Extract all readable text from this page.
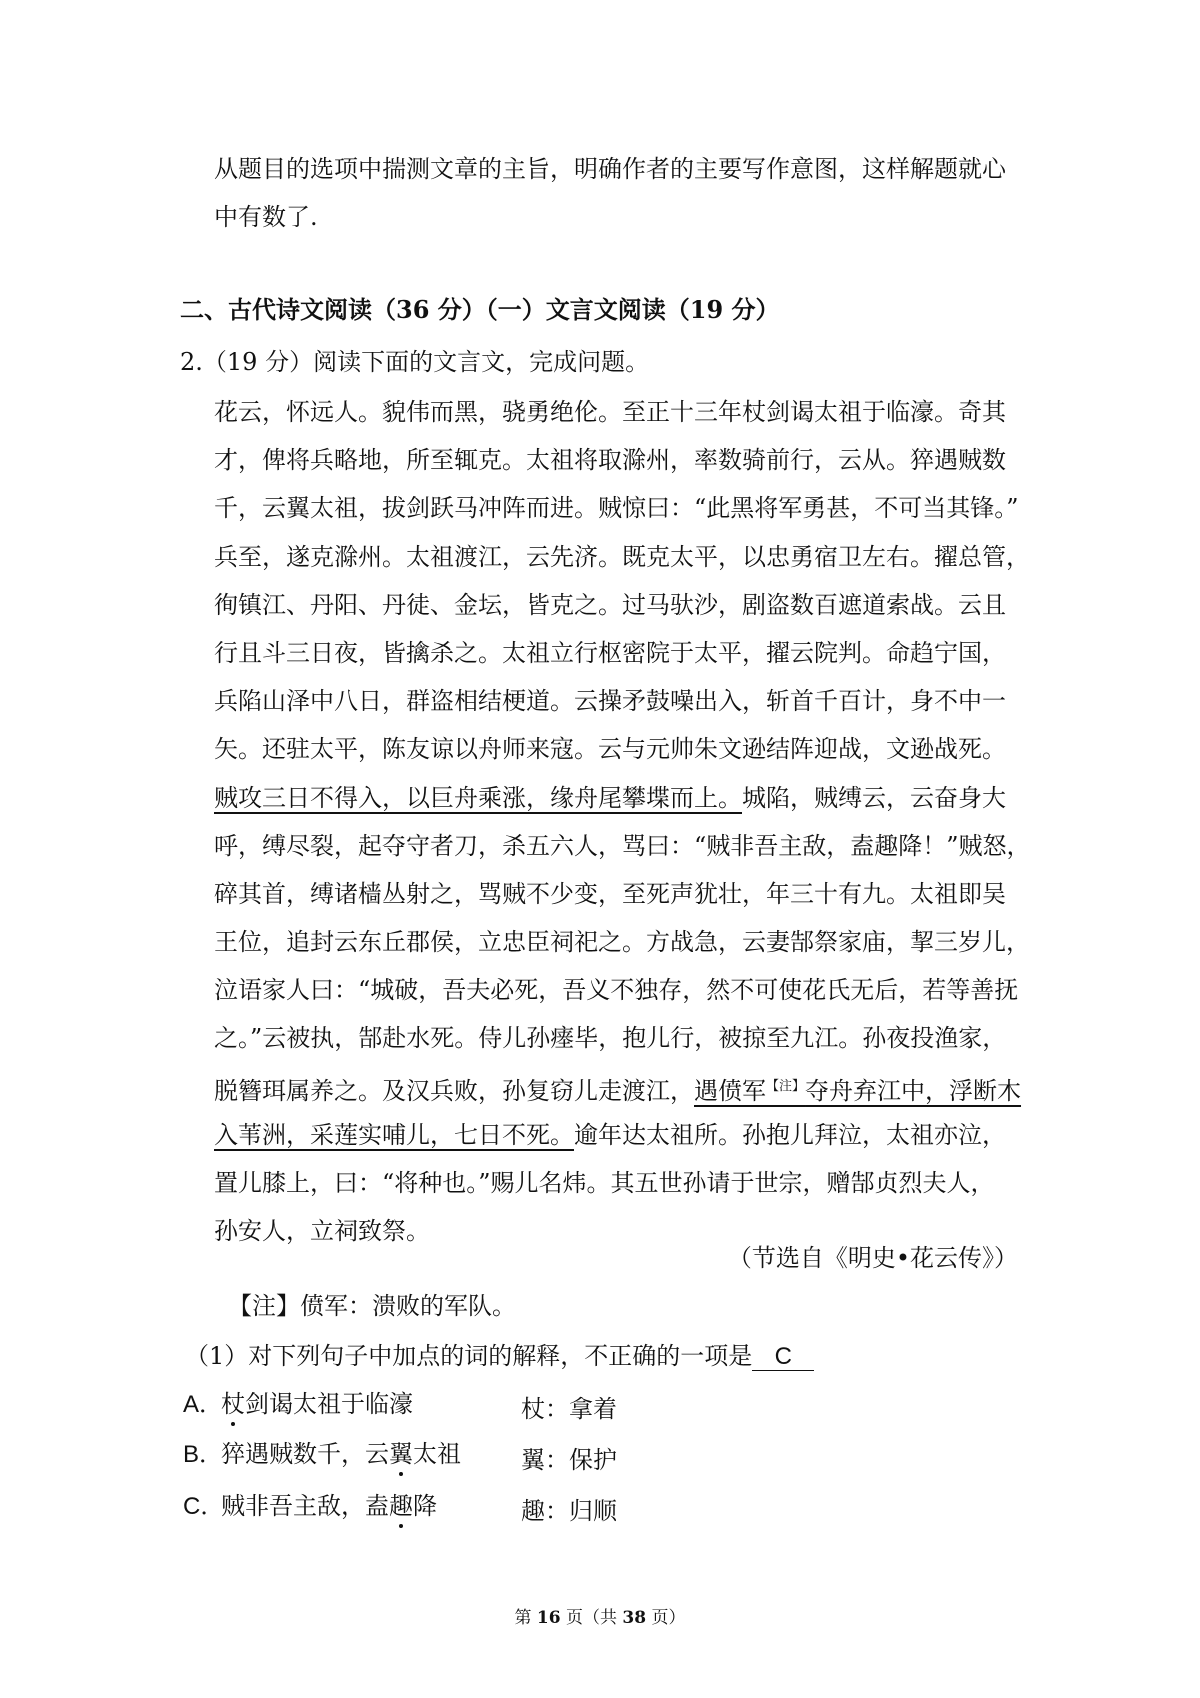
从题目的选项中揣测文章的主旨，明确作者的主要写作意图，这样解题就心
中有数了.
二、古代诗文阅读（36 分）（一）文言文阅读（19 分）
2.（19 分）阅读下面的文言文，完成问题。
花云，怀远人。貌伟而黑，骁勇绝伦。至正十三年杖剑谒太祖于临濠。奇其
才，俾将兵略地，所至辄克。太祖将取滁州，率数骑前行，云从。猝遇贼数
千，云翼太祖，拔剑跃马冲阵而进。贼惊曰：“此黑将军勇甚，不可当其锋。”
兵至，遂克滁州。太祖渡江，云先济。既克太平，以忠勇宿卫左右。擢总管，
徇镇江、丹阳、丹徒、金坛，皆克之。过马驮沙，剧盗数百遮道索战。云且
行且斗三日夜，皆擒杀之。太祖立行枢密院于太平，擢云院判。命趋宁国，
兵陷山泽中八日，群盗相结梗道。云操矛鼓噪出入，斩首千百计，身不中一
矢。还驻太平，陈友谅以舟师来寇。云与元帅朱文逊结阵迎战，文逊战死。
贼攻三日不得入，以巨舟乘涨，缘舟尾攀堞而上。城陷，贼缚云，云奋身大
呼，缚尽裂，起夺守者刀，杀五六人，骂曰：“贼非吾主敌，盍趣降！”贼怒，
碎其首，缚诸樯丛射之，骂贼不少变，至死声犹壮，年三十有九。太祖即吴
王位，追封云东丘郡侯，立忠臣祠祀之。方战急，云妻郜祭家庙，挈三岁儿，
泣语家人曰：“城破，吾夫必死，吾义不独存，然不可使花氏无后，若等善抚
之。”云被执，郜赴水死。侍儿孙瘗毕，抱儿行，被掠至九江。孙夜投渔家，
脱簪珥属养之。及汉兵败，孙复窃儿走渡江，遇偾军$^{【注】}$夺舟弃江中，浮断木
入苇洲，采莲实哺儿，七日不死。逾年达太祖所。孙抱儿拜泣，太祖亦泣，
置儿膝上，曰：“将种也。”赐儿名炜。其五世孙请于世宗，赠郜贞烈夫人，
孙安人，立祠致祭。
（节选自《明史•花云传》）
【注】偾军：溃败的军队。
（1）对下列句子中加点的词的解释，不正确的一项是 C
A．杖剑谒太祖于临濠	杖：拿着
B．猝遇贼数千，云翼太祖	翼：保护
C．贼非吾主敌，盍趣降	趣：归顺
第 16 页（共 38 页）
